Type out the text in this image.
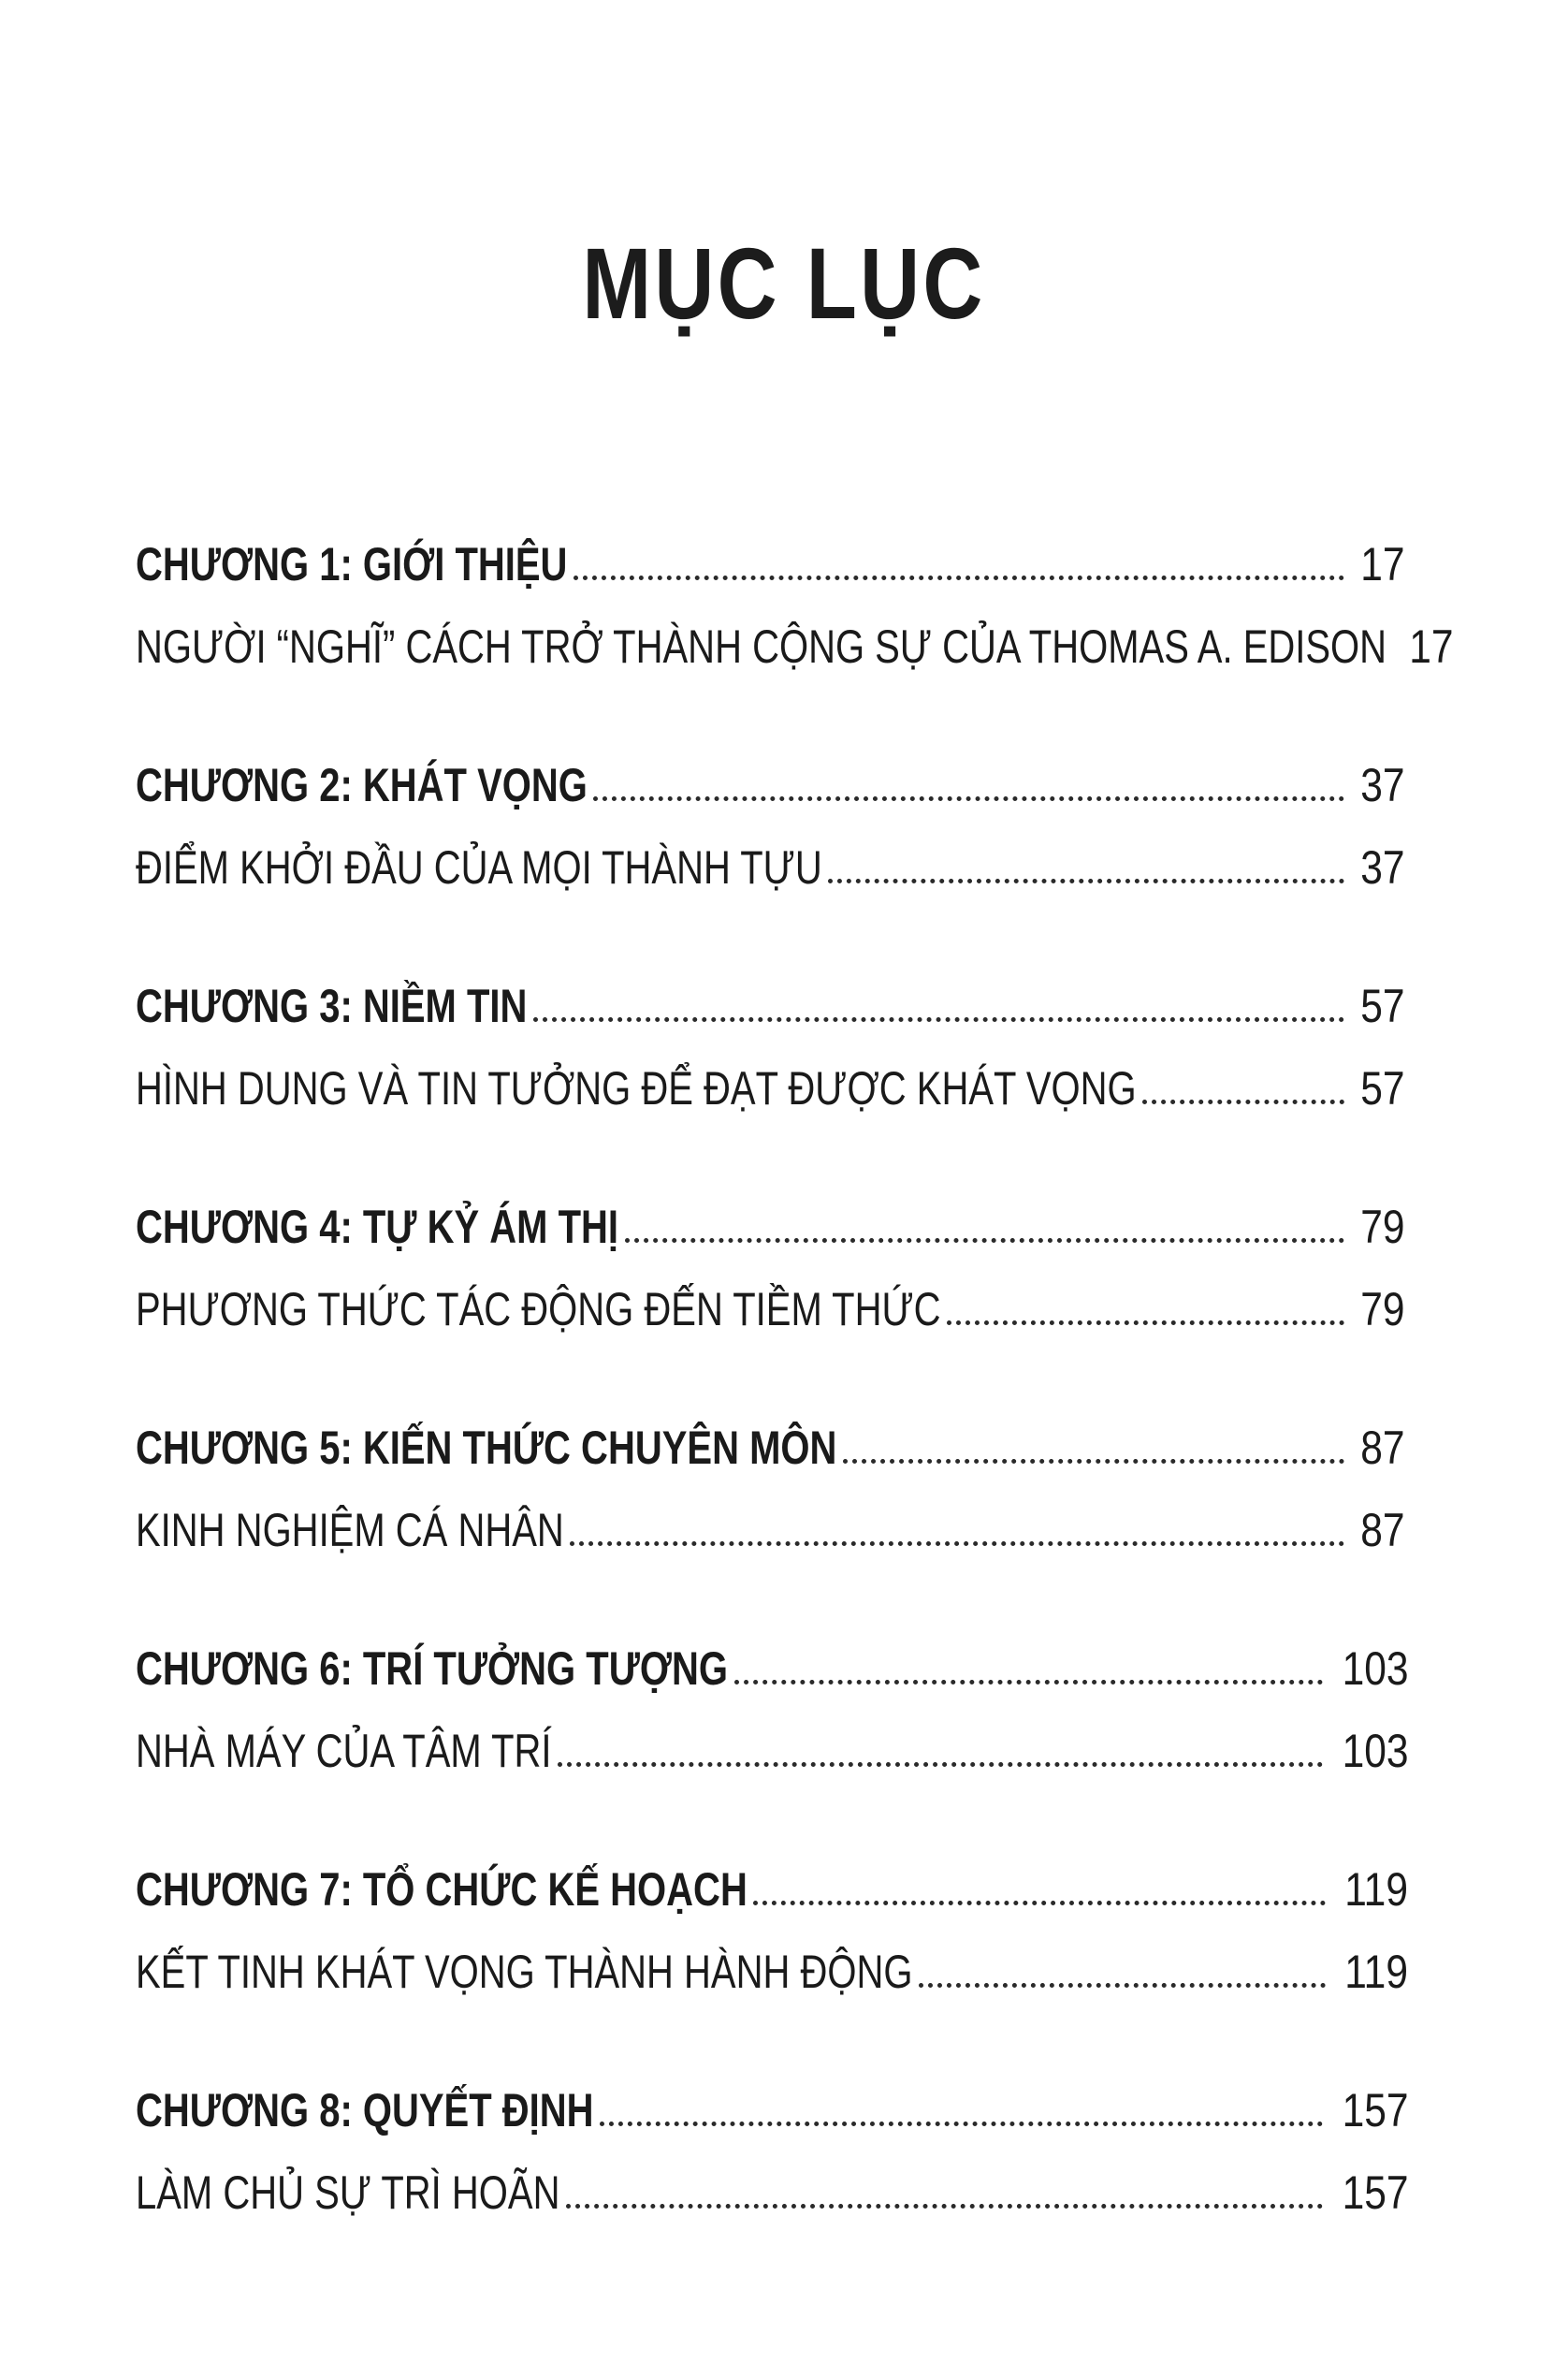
MỤC LỤC
CHƯƠNG 1: GIỚI THIỆU	17
NGƯỜI “NGHĨ” CÁCH TRỞ THÀNH CỘNG SỰ CỦA THOMAS A. EDISON 17
CHƯƠNG 2: KHÁT VỌNG	37
ĐIỂM KHỞI ĐẦU CỦA MỌI THÀNH TỰU	37
CHƯƠNG 3: NIỀM TIN	57
HÌNH DUNG VÀ TIN TƯỞNG ĐỂ ĐẠT ĐƯỢC KHÁT VỌNG	57
CHƯƠNG 4: TỰ KỶ ÁM THỊ	79
PHƯƠNG THỨC TÁC ĐỘNG ĐẾN TIỀM THỨC	79
CHƯƠNG 5: KIẾN THỨC CHUYÊN MÔN	87
KINH NGHIỆM CÁ NHÂN	87
CHƯƠNG 6: TRÍ TƯỞNG TƯỢNG	103
NHÀ MÁY CỦA TÂM TRÍ	103
CHƯƠNG 7: TỔ CHỨC KẾ HOẠCH	119
KẾT TINH KHÁT VỌNG THÀNH HÀNH ĐỘNG	119
CHƯƠNG 8: QUYẾT ĐỊNH	157
LÀM CHỦ SỰ TRÌ HOÃN	157
